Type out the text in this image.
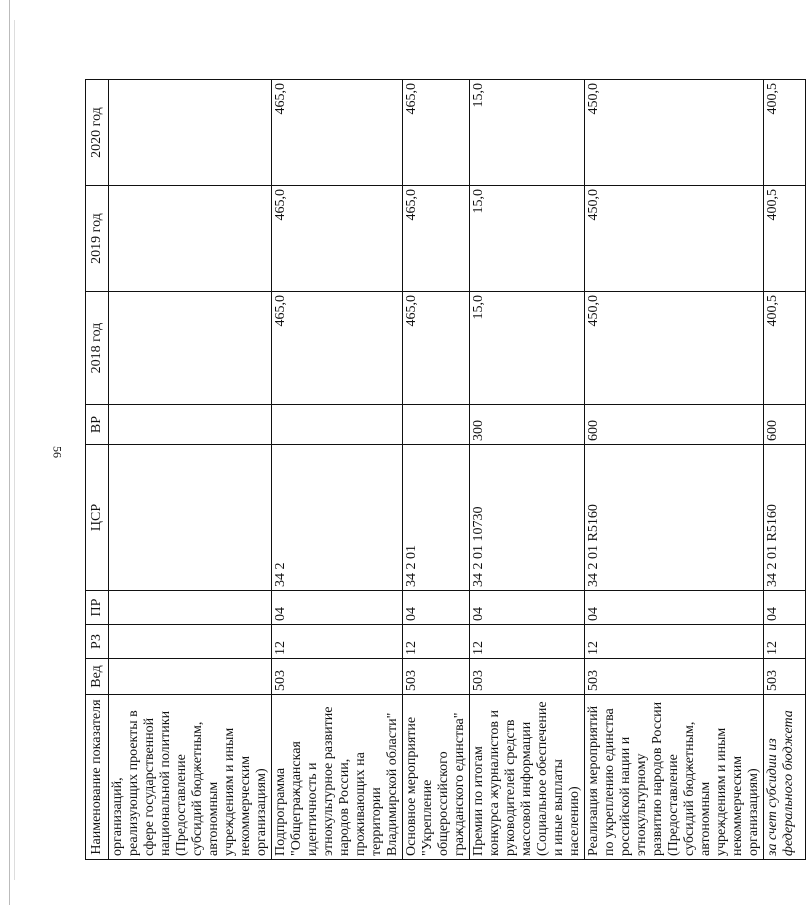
56
Наименование показателя	Вед	РЗ	ПР	ЦСР	ВР	2018 год	2019 год	2020 год
организаций, реализующих проекты в сфере государственной национальной политики (Предоставление субсидий бюджетным, автономным учреждениям и иным некоммерческим организациям)								
Подпрограмма "Общегражданская идентичность и этнокультурное развитие народов России, проживающих на территории Владимирской области"	503	12	04	34 2		465,0	465,0	465,0
Основное мероприятие "Укрепление общероссийского гражданского единства"	503	12	04	34 2 01		465,0	465,0	465,0
Премии по итогам конкурса журналистов и руководителей средств массовой информации (Социальное обеспечение и иные выплаты населению)	503	12	04	34 2 01 10730	300	15,0	15,0	15,0
Реализация мероприятий по укреплению единства российской нации и этнокультурному развитию народов России (Предоставление субсидий бюджетным, автономным учреждениям и иным некоммерческим организациям)	503	12	04	34 2 01 R5160	600	450,0	450,0	450,0
за счет субсидии из федерального бюджета	503	12	04	34 2 01 R5160	600	400,5	400,5	400,5
